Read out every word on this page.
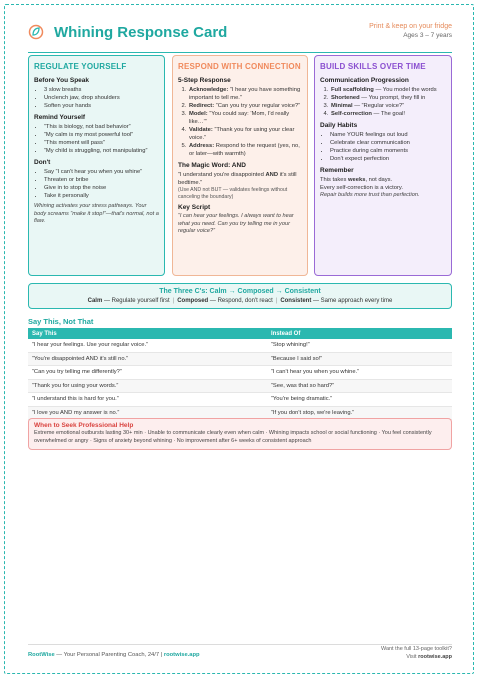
Whining Response Card	Print & keep on your fridge
Ages 3 – 7 years
REGULATE YOURSELF
Before You Speak
• 3 slow breaths
• Unclench jaw, drop shoulders
• Soften your hands
Remind Yourself
• “This is biology, not bad behavior”
• “My calm is my most powerful tool”
• “This moment will pass”
• “My child is struggling, not manipulating”
Don't
• Say “I can't hear you when you whine”
• Threaten or bribe
• Give in to stop the noise
• Take it personally
Whining activates your stress pathways. Your body screams “make it stop!”—that's normal, not a flaw.
RESPOND WITH CONNECTION
5-Step Response
1. Acknowledge: “I hear you have something important to tell me.”
2. Redirect: “Can you try your regular voice?”
3. Model: “You could say: ‘Mom, I'd really like…’”
4. Validate: “Thank you for using your clear voice.”
5. Address: Respond to the request (yes, no, or later—with warmth)
The Magic Word: AND
“I understand you're disappointed AND it's still bedtime.”
(Use AND not BUT — validates feelings without canceling the boundary)
Key Script
“I can hear your feelings. I always want to hear what you need. Can you try telling me in your regular voice?”
BUILD SKILLS OVER TIME
Communication Progression
1. Full scaffolding — You model the words
2. Shortened — You prompt, they fill in
3. Minimal — “Regular voice?”
4. Self-correction — The goal!
Daily Habits
• Name YOUR feelings out loud
• Celebrate clear communication
• Practice during calm moments
• Don't expect perfection
Remember
This takes weeks, not days.
Every self-correction is a victory.
Repair builds more trust than perfection.
The Three C's: Calm → Composed → Consistent
Calm — Regulate yourself first | Composed — Respond, don't react | Consistent — Same approach every time
Say This, Not That
Say This	Instead Of
“I hear your feelings. Use your regular voice.”	“Stop whining!”
“You're disappointed AND it's still no.”	“Because I said so!”
“Can you try telling me differently?”	“I can't hear you when you whine.”
“Thank you for using your words.”	“See, was that so hard?”
“I understand this is hard for you.”	“You're being dramatic.”
“I love you AND my answer is no.”	“If you don't stop, we're leaving.”
When to Seek Professional Help
Extreme emotional outbursts lasting 30+ min · Unable to communicate clearly even when calm · Whining impacts school or social functioning · You feel consistently overwhelmed or angry · Signs of anxiety beyond whining · No improvement after 6+ weeks of consistent approach
RootWise — Your Personal Parenting Coach, 24/7 | rootwise.app
Want the full 13-page toolkit?
Visit rootwise.app
